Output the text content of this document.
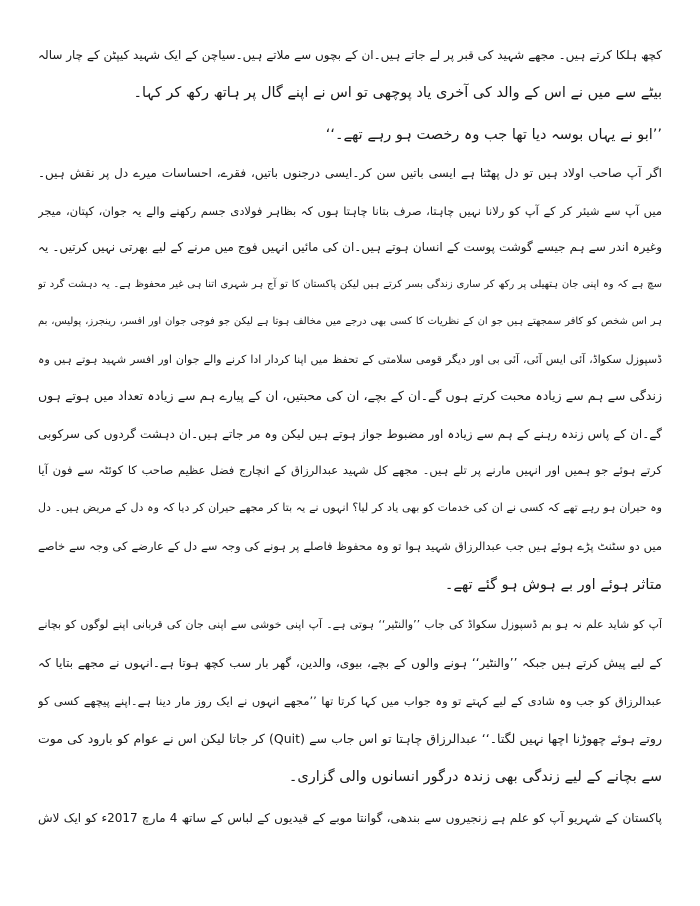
کچھ ہلکا کرتے ہیں۔ مجھے شہید کی قبر پر لے جاتے ہیں۔ان کے بچوں سے ملاتے ہیں۔سیاچن کے ایک شہید کیپٹن کے چار سالہ
بیٹے سے میں نے اس کے والد کی آخری یاد پوچھی تو اس نے اپنے گال پر ہاتھ رکھ کر کہا۔
’’ابو نے یہاں بوسہ دیا تھا جب وہ رخصت ہو رہے تھے۔‘‘
اگر آپ صاحب اولاد ہیں تو دل پھٹتا ہے ایسی باتیں سن کر۔ایسی درجنوں باتیں، فقرے، احساسات میرے دل پر نقش ہیں۔
میں آپ سے شیئر کر کے آپ کو رلانا نہیں چاہتا، صرف بتانا چاہتا ہوں کہ بظاہر فولادی جسم رکھنے والے یہ جوان، کپتان، میجر
وغیرہ اندر سے ہم جیسے گوشت پوست کے انسان ہوتے ہیں۔ان کی مائیں انہیں فوج میں مرنے کے لیے بھرتی نہیں کرتیں۔ یہ
سچ ہے کہ وہ اپنی جان ہتھیلی پر رکھ کر ساری زندگی بسر کرتے ہیں لیکن پاکستان کا تو آج ہر شہری اتنا ہی غیر محفوظ ہے۔ یہ دہشت گرد تو
ہر اس شخص کو کافر سمجھتے ہیں جو ان کے نظریات کا کسی بھی درجے میں مخالف ہوتا ہے لیکن جو فوجی جوان اور افسر، رینجرز، پولیس، بم
ڈسپوزل سکواڈ، آئی ایس آئی، آئی بی اور دیگر قومی سلامتی کے تحفظ میں اپنا کردار ادا کرنے والے جوان اور افسر شہید ہوتے ہیں وہ
زندگی سے ہم سے زیادہ محبت کرتے ہوں گے۔ان کے بچے، ان کی محبتیں، ان کے پیارے ہم سے زیادہ تعداد میں ہوتے ہوں
گے۔ان کے پاس زندہ رہنے کے ہم سے زیادہ اور مضبوط جواز ہوتے ہیں لیکن وہ مر جاتے ہیں۔ان دہشت گردوں کی سرکوبی
کرتے ہوئے جو ہمیں اور انہیں مارنے پر تلے ہیں۔ مجھے کل شہید عبدالرزاق کے انچارج فضل عظیم صاحب کا کوئٹہ سے فون آیا
وہ حیران ہو رہے تھے کہ کسی نے ان کی خدمات کو بھی یاد کر لیا؟ انہوں نے یہ بتا کر مجھے حیران کر دیا کہ وہ دل کے مریض ہیں۔ دل
میں دو سٹنٹ پڑے ہوئے ہیں جب عبدالرزاق شہید ہوا تو وہ محفوظ فاصلے پر ہونے کی وجہ سے دل کے عارضے کی وجہ سے خاصے
متاثر ہوئے اور بے ہوش ہو گئے تھے۔
آپ کو شاید علم نہ ہو بم ڈسپوزل سکواڈ کی جاب ’’والنٹیر‘‘ ہوتی ہے۔ آپ اپنی خوشی سے اپنی جان کی قربانی اپنے لوگوں کو بچانے
کے لیے پیش کرتے ہیں جبکہ ’’والنٹیر‘‘ ہونے والوں کے بچے، بیوی، والدین، گھر بار سب کچھ ہوتا ہے۔انہوں نے مجھے بتایا کہ
عبدالرزاق کو جب وہ شادی کے لیے کہتے تو وہ جواب میں کہا کرتا تھا ’’مجھے انہوں نے ایک روز مار دینا ہے۔اپنے پیچھے کسی کو
روتے ہوئے چھوڑنا اچھا نہیں لگتا۔‘‘ عبدالرزاق چاہتا تو اس جاب سے (Quit) کر جاتا لیکن اس نے عوام کو بارود کی موت
سے بچانے کے لیے زندگی بھی زندہ درگور انسانوں والی گزاری۔
پاکستان کے شہریو آپ کو علم ہے زنجیروں سے بندھی، گوانتا موبے کے قیدیوں کے لباس کے ساتھ 4 مارچ 2017ء کو ایک لاش
